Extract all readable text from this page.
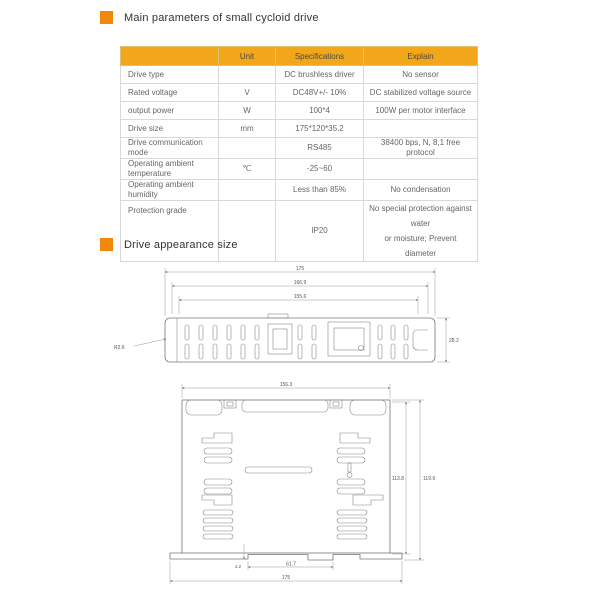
Main parameters of small cycloid drive
	Unit	Specifications	Explain
Drive type		DC brushless driver	No sensor
Rated voltage	V	DC48V+/- 10%	DC stabilized voltage source
output power	W	100*4	100W per motor interface
Drive size	mm	175*120*35.2	
Drive communication mode		RS485	38400 bps, N, 8,1 free protocol
Operating ambient temperature	℃	-25~60	
Operating ambient humidity		Less than 85%	No condensation
Protection grade		IP20	No special protection against water
or moisture; Prevent diameter
Drive appearance size
175
166.9
155.6
R2.6
28.2
156.3
113.8	119.9
4.2	61.7
175
